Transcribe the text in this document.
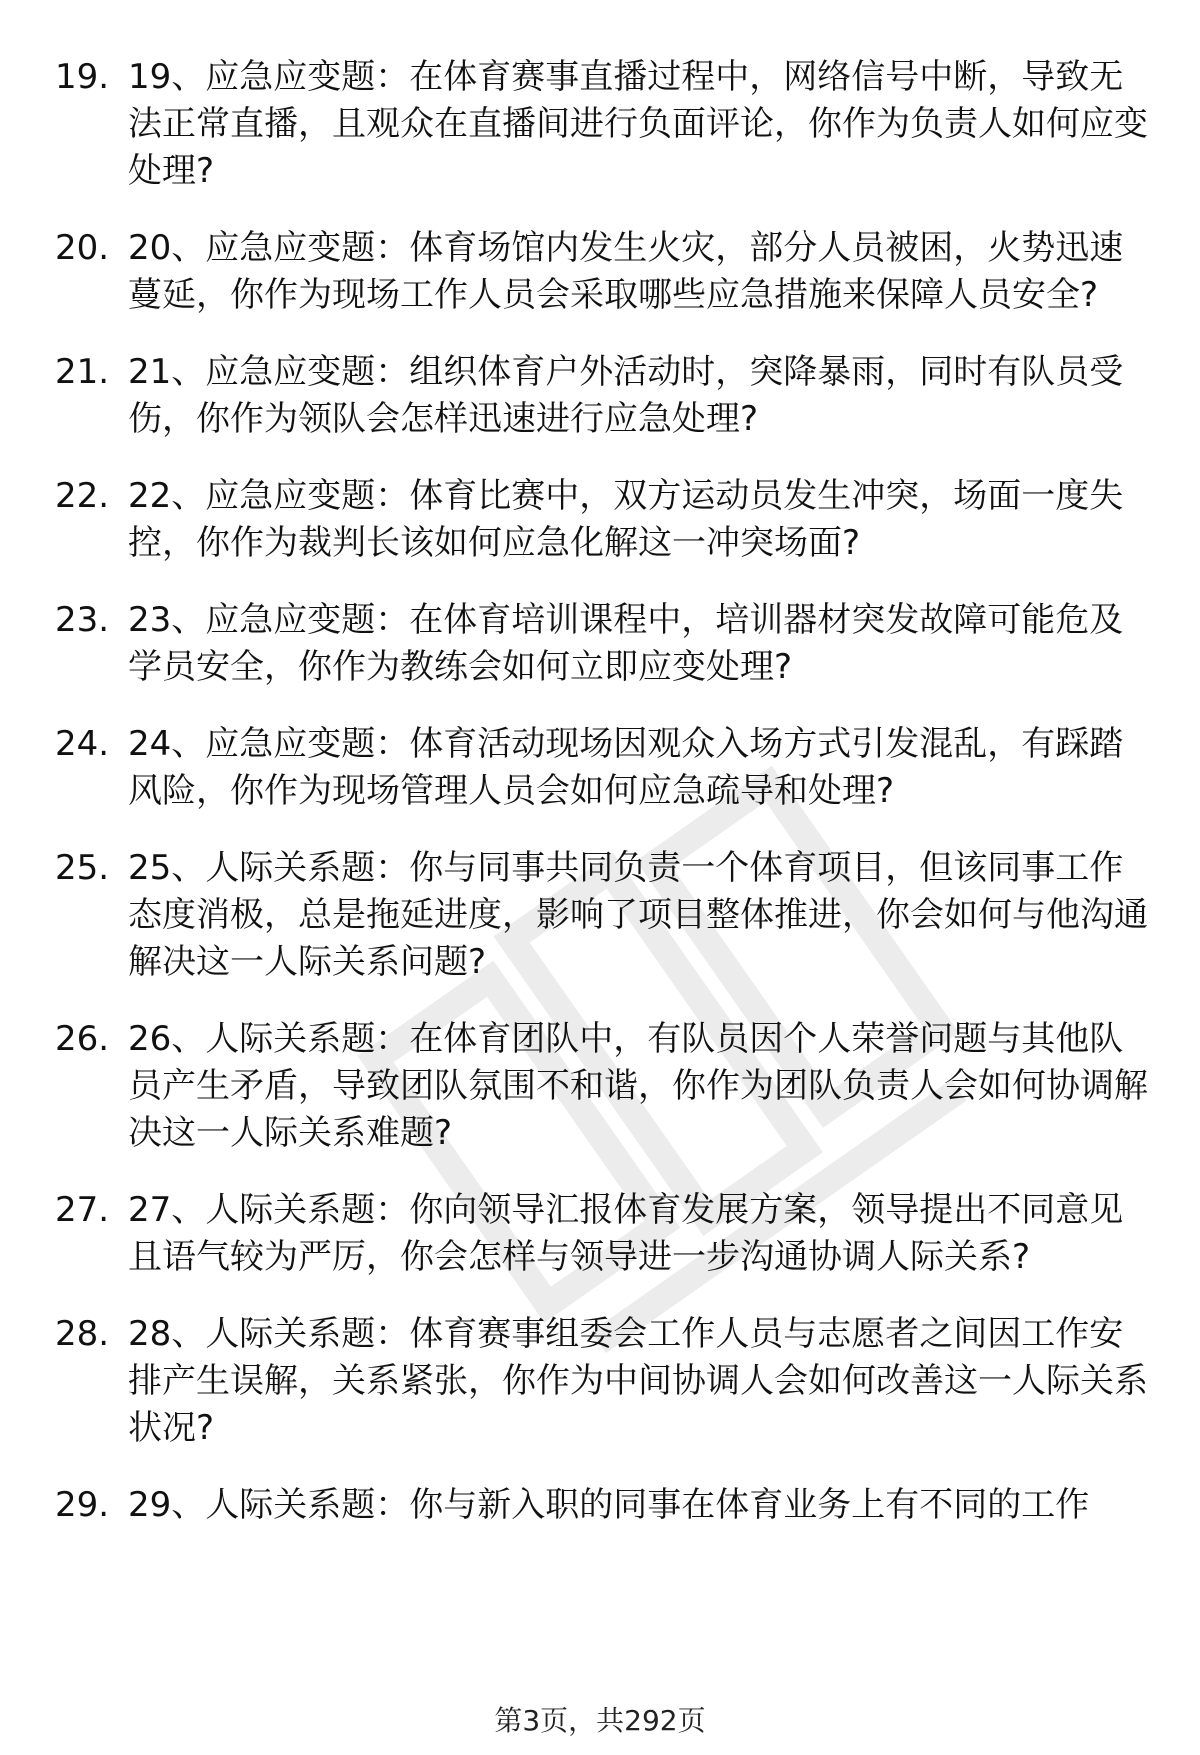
19. 19、应急应变题：在体育赛事直播过程中，网络信号中断，导致无法正常直播，且观众在直播间进行负面评论，你作为负责人如何应变处理?
20. 20、应急应变题：体育场馆内发生火灾，部分人员被困，火势迅速蔓延，你作为现场工作人员会采取哪些应急措施来保障人员安全?
21. 21、应急应变题：组织体育户外活动时，突降暴雨，同时有队员受伤，你作为领队会怎样迅速进行应急处理?
22. 22、应急应变题：体育比赛中，双方运动员发生冲突，场面一度失控，你作为裁判长该如何应急化解这一冲突场面?
23. 23、应急应变题：在体育培训课程中，培训器材突发故障可能危及学员安全，你作为教练会如何立即应变处理?
24. 24、应急应变题：体育活动现场因观众入场方式引发混乱，有踩踏风险，你作为现场管理人员会如何应急疏导和处理?
25. 25、人际关系题：你与同事共同负责一个体育项目，但该同事工作态度消极，总是拖延进度，影响了项目整体推进，你会如何与他沟通解决这一人际关系问题?
26. 26、人际关系题：在体育团队中，有队员因个人荣誉问题与其他队员产生矛盾，导致团队氛围不和谐，你作为团队负责人会如何协调解决这一人际关系难题?
27. 27、人际关系题：你向领导汇报体育发展方案，领导提出不同意见且语气较为严厉，你会怎样与领导进一步沟通协调人际关系?
28. 28、人际关系题：体育赛事组委会工作人员与志愿者之间因工作安排产生误解，关系紧张，你作为中间协调人会如何改善这一人际关系状况?
29. 29、人际关系题：你与新入职的同事在体育业务上有不同的工作
第3页，共292页
